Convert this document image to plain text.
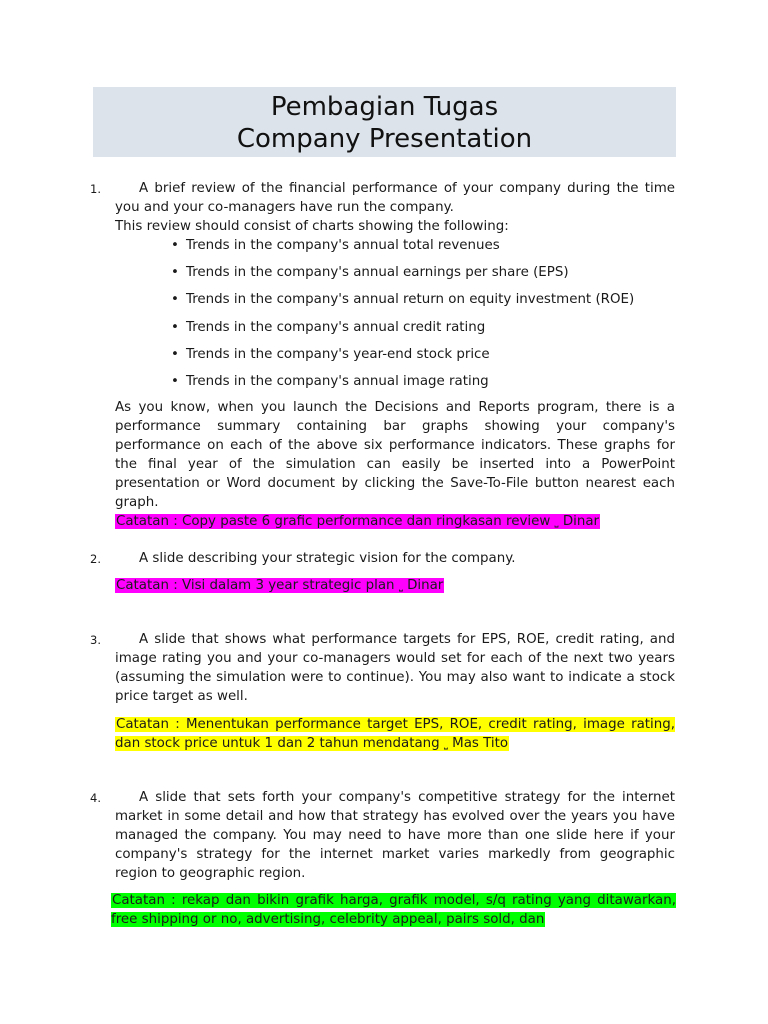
Pembagian Tugas
Company Presentation
1.	A brief review of the financial performance of your company during the time you and your co-managers have run the company.
This review should consist of charts showing the following:
• Trends in the company's annual total revenues
• Trends in the company's annual earnings per share (EPS)
• Trends in the company's annual return on equity investment (ROE)
• Trends in the company's annual credit rating
• Trends in the company's year-end stock price
• Trends in the company's annual image rating
As you know, when you launch the Decisions and Reports program, there is a performance summary containing bar graphs showing your company's performance on each of the above six performance indicators. These graphs for the final year of the simulation can easily be inserted into a PowerPoint presentation or Word document by clicking the Save-To-File button nearest each graph.
Catatan : Copy paste 6 grafic performance dan ringkasan review ⎵ Dinar
2.	A slide describing your strategic vision for the company.
Catatan : Visi dalam 3 year strategic plan ⎵ Dinar
3.	A slide that shows what performance targets for EPS, ROE, credit rating, and image rating you and your co-managers would set for each of the next two years (assuming the simulation were to continue). You may also want to indicate a stock price target as well.
Catatan : Menentukan performance target EPS, ROE, credit rating, image rating, dan stock price untuk 1 dan 2 tahun mendatang ⎵ Mas Tito
4.	A slide that sets forth your company's competitive strategy for the internet market in some detail and how that strategy has evolved over the years you have managed the company. You may need to have more than one slide here if your company's strategy for the internet market varies markedly from geographic region to geographic region.
Catatan : rekap dan bikin grafik harga, grafik model, s/q rating yang ditawarkan, free shipping or no, advertising, celebrity appeal, pairs sold, dan
